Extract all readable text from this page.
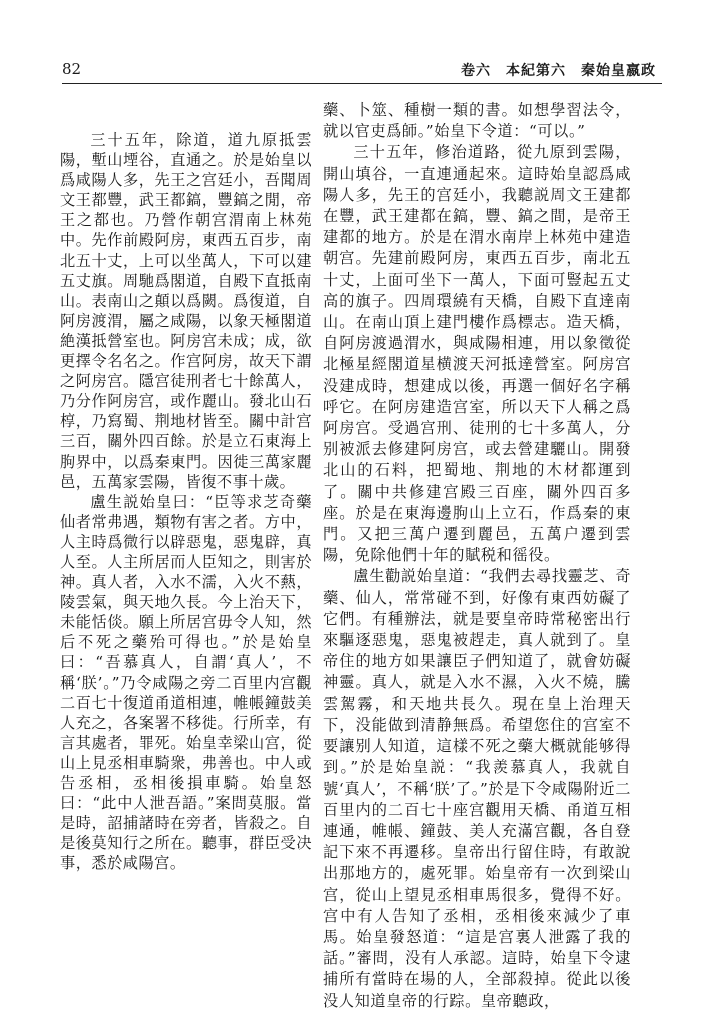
82	卷六　本紀第六　秦始皇嬴政

三十五年，除道，道九原抵雲陽，塹山堙谷，直通之。於是始皇以爲咸陽人多，先王之宫廷小，吾聞周文王都豐，武王都鎬，豐鎬之閒，帝王之都也。乃營作朝宫渭南上林苑中。先作前殿阿房，東西五百步，南北五十丈，上可以坐萬人，下可以建五丈旗。周馳爲閣道，自殿下直抵南山。表南山之顛以爲闕。爲復道，自阿房渡渭，屬之咸陽，以象天極閣道絶漢抵營室也。阿房宫未成；成，欲更擇令名名之。作宫阿房，故天下謂之阿房宫。隱宫徒刑者七十餘萬人，乃分作阿房宫，或作麗山。發北山石椁，乃寫蜀、荆地材皆至。關中計宫三百，關外四百餘。於是立石東海上朐界中，以爲秦東門。因徙三萬家麗邑，五萬家雲陽，皆復不事十歲。

盧生説始皇曰：“臣等求芝奇藥仙者常弗遇，類物有害之者。方中，人主時爲微行以辟惡鬼，惡鬼辟，真人至。人主所居而人臣知之，則害於神。真人者，入水不濡，入火不爇，陵雲氣，與天地久長。今上治天下，未能恬倓。願上所居宫毋令人知，然后不死之藥殆可得也。”於是始皇曰：“吾慕真人，自謂‘真人’，不稱‘朕’。”乃令咸陽之旁二百里内宫觀二百七十復道甬道相連，帷帳鐘鼓美人充之，各案署不移徙。行所幸，有言其處者，罪死。始皇幸梁山宫，從山上見丞相車騎衆，弗善也。中人或告丞相，丞相後損車騎。始皇怒曰：“此中人泄吾語。”案問莫服。當是時，詔捕諸時在旁者，皆殺之。自是後莫知行之所在。聽事，群臣受决事，悉於咸陽宫。

藥、卜筮、種樹一類的書。如想學習法令，就以官吏爲師。”始皇下令道：“可以。”

三十五年，修治道路，從九原到雲陽，開山填谷，一直連通起來。這時始皇認爲咸陽人多，先王的宫廷小，我聽説周文王建都在豐，武王建都在鎬，豐、鎬之間，是帝王建都的地方。於是在渭水南岸上林苑中建造朝宫。先建前殿阿房，東西五百步，南北五十丈，上面可坐下一萬人，下面可豎起五丈高的旗子。四周環繞有天橋，自殿下直達南山。在南山頂上建門樓作爲標志。造天橋，自阿房渡過渭水，與咸陽相連，用以象徵從北極星經閣道星横渡天河抵達營室。阿房宫没建成時，想建成以後，再選一個好名字稱呼它。在阿房建造宫室，所以天下人稱之爲阿房宫。受過宫刑、徒刑的七十多萬人，分别被派去修建阿房宫，或去營建驪山。開發北山的石料，把蜀地、荆地的木材都運到了。關中共修建宫殿三百座，關外四百多座。於是在東海邊朐山上立石，作爲秦的東門。又把三萬户遷到麗邑，五萬户遷到雲陽，免除他們十年的賦税和徭役。

盧生勸説始皇道：“我們去尋找靈芝、奇藥、仙人，常常碰不到，好像有東西妨礙了它們。有種辦法，就是要皇帝時常秘密出行來驅逐惡鬼，惡鬼被趕走，真人就到了。皇帝住的地方如果讓臣子們知道了，就會妨礙神靈。真人，就是入水不濕，入火不燒，騰雲駕霧，和天地共長久。現在皇上治理天下，没能做到清静無爲。希望您住的宫室不要讓别人知道，這樣不死之藥大概就能够得到。”於是始皇説：“我羨慕真人，我就自號‘真人’，不稱‘朕’了。”於是下令咸陽附近二百里内的二百七十座宫觀用天橋、甬道互相連通，帷帳、鐘鼓、美人充滿宫觀，各自登記下來不再遷移。皇帝出行留住時，有敢說出那地方的，處死罪。始皇帝有一次到梁山宫，從山上望見丞相車馬很多，覺得不好。宫中有人告知了丞相，丞相後來減少了車馬。始皇發怒道：“這是宫裏人泄露了我的話。”審問，没有人承認。這時，始皇下令逮捕所有當時在場的人，全部殺掉。從此以後没人知道皇帝的行踪。皇帝聽政，
